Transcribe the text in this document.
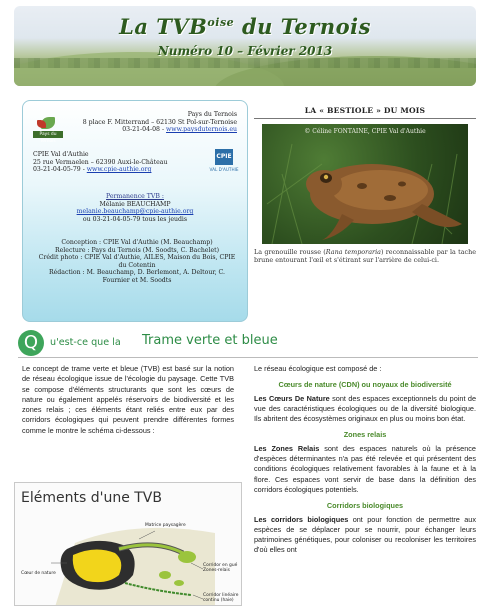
La $TVB^{oise}$ du Ternois
Numéro 10 – Février 2013
Pays du Ternois
Pays du Ternois
8 place F. Mitterrand – 62130 St Pol-sur-Ternoise
03-21-04-08 - www.paysduternois.eu
CPIE Val d'Authie
25 rue Vermaelen – 62390 Auxi-le-Château
03-21-04-05-79 - www.cpie-authie.org
CPIE
VAL D'AUTHIE
Permanence TVB :
Mélanie BEAUCHAMP
melanie.beauchamp@cpie-authie.org
ou 03-21-04-05-79 tous les jeudis
Conception : CPIE Val d'Authie (M. Beauchamp)
Relecture : Pays du Ternois (M. Soodts, C. Bachelet)
Crédit photo : CPIE Val d'Authie, AILES, Maison du Bois, CPIE du Cotentin
Rédaction : M. Beauchamp, D. Berlemont, A. Deltour, C. Fournier et M. Soodts
LA « BESTIOLE » DU MOIS
© Céline FONTAINE, CPIE Val d'Authie
La grenouille rousse (Rana temporaria) reconnaissable par la tache brune entourant l'œil et s'étirant sur l'arrière de celui-ci.
Q	u'est-ce que la Trame verte et bleue
Le concept de trame verte et bleue (TVB) est basé sur la notion de réseau écologique issue de l'écologie du paysage. Cette TVB se compose d'éléments structurants que sont les cœurs de nature ou également appelés réservoirs de biodiversité et les zones relais ; ces éléments étant reliés entre eux par des corridors écologiques qui peuvent prendre différentes formes comme le montre le schéma ci-dessous :
Eléments d'une TVB
Matrice paysagère
Cœur de nature
Corridor en gué Zones-relais
Corridor linéaire continu (haie)

Le réseau écologique est composé de :

Cœurs de nature (CDN) ou noyaux de biodiversité

Les Cœurs De Nature sont des espaces exceptionnels du point de vue des caractéristiques écologiques ou de la diversité biologique. Ils abritent des écosystèmes originaux en plus ou moins bon état.

Zones relais

Les Zones Relais sont des espaces naturels où la présence d'espèces déterminantes n'a pas été relevée et qui présentent des conditions écologiques relativement favorables à la faune et à la flore. Ces espaces vont servir de base dans la définition des corridors écologiques potentiels.

Corridors biologiques

Les corridors biologiques ont pour fonction de permettre aux espèces de se déplacer pour se nourrir, pour échanger leurs patrimoines génétiques, pour coloniser ou recoloniser les territoires d'où elles ont
